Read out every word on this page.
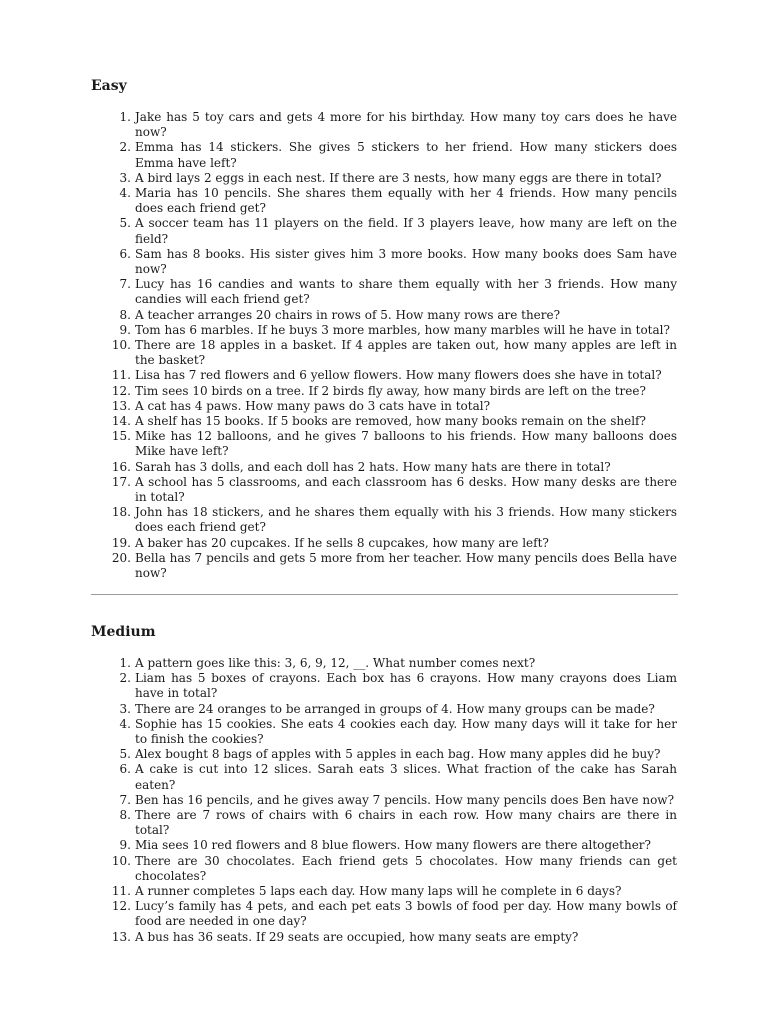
Easy
1. Jake has 5 toy cars and gets 4 more for his birthday. How many toy cars does he have now?
2. Emma has 14 stickers. She gives 5 stickers to her friend. How many stickers does Emma have left?
3. A bird lays 2 eggs in each nest. If there are 3 nests, how many eggs are there in total?
4. Maria has 10 pencils. She shares them equally with her 4 friends. How many pencils does each friend get?
5. A soccer team has 11 players on the field. If 3 players leave, how many are left on the field?
6. Sam has 8 books. His sister gives him 3 more books. How many books does Sam have now?
7. Lucy has 16 candies and wants to share them equally with her 3 friends. How many candies will each friend get?
8. A teacher arranges 20 chairs in rows of 5. How many rows are there?
9. Tom has 6 marbles. If he buys 3 more marbles, how many marbles will he have in total?
10. There are 18 apples in a basket. If 4 apples are taken out, how many apples are left in the basket?
11. Lisa has 7 red flowers and 6 yellow flowers. How many flowers does she have in total?
12. Tim sees 10 birds on a tree. If 2 birds fly away, how many birds are left on the tree?
13. A cat has 4 paws. How many paws do 3 cats have in total?
14. A shelf has 15 books. If 5 books are removed, how many books remain on the shelf?
15. Mike has 12 balloons, and he gives 7 balloons to his friends. How many balloons does Mike have left?
16. Sarah has 3 dolls, and each doll has 2 hats. How many hats are there in total?
17. A school has 5 classrooms, and each classroom has 6 desks. How many desks are there in total?
18. John has 18 stickers, and he shares them equally with his 3 friends. How many stickers does each friend get?
19. A baker has 20 cupcakes. If he sells 8 cupcakes, how many are left?
20. Bella has 7 pencils and gets 5 more from her teacher. How many pencils does Bella have now?
Medium
1. A pattern goes like this: 3, 6, 9, 12, __. What number comes next?
2. Liam has 5 boxes of crayons. Each box has 6 crayons. How many crayons does Liam have in total?
3. There are 24 oranges to be arranged in groups of 4. How many groups can be made?
4. Sophie has 15 cookies. She eats 4 cookies each day. How many days will it take for her to finish the cookies?
5. Alex bought 8 bags of apples with 5 apples in each bag. How many apples did he buy?
6. A cake is cut into 12 slices. Sarah eats 3 slices. What fraction of the cake has Sarah eaten?
7. Ben has 16 pencils, and he gives away 7 pencils. How many pencils does Ben have now?
8. There are 7 rows of chairs with 6 chairs in each row. How many chairs are there in total?
9. Mia sees 10 red flowers and 8 blue flowers. How many flowers are there altogether?
10. There are 30 chocolates. Each friend gets 5 chocolates. How many friends can get chocolates?
11. A runner completes 5 laps each day. How many laps will he complete in 6 days?
12. Lucy’s family has 4 pets, and each pet eats 3 bowls of food per day. How many bowls of food are needed in one day?
13. A bus has 36 seats. If 29 seats are occupied, how many seats are empty?
